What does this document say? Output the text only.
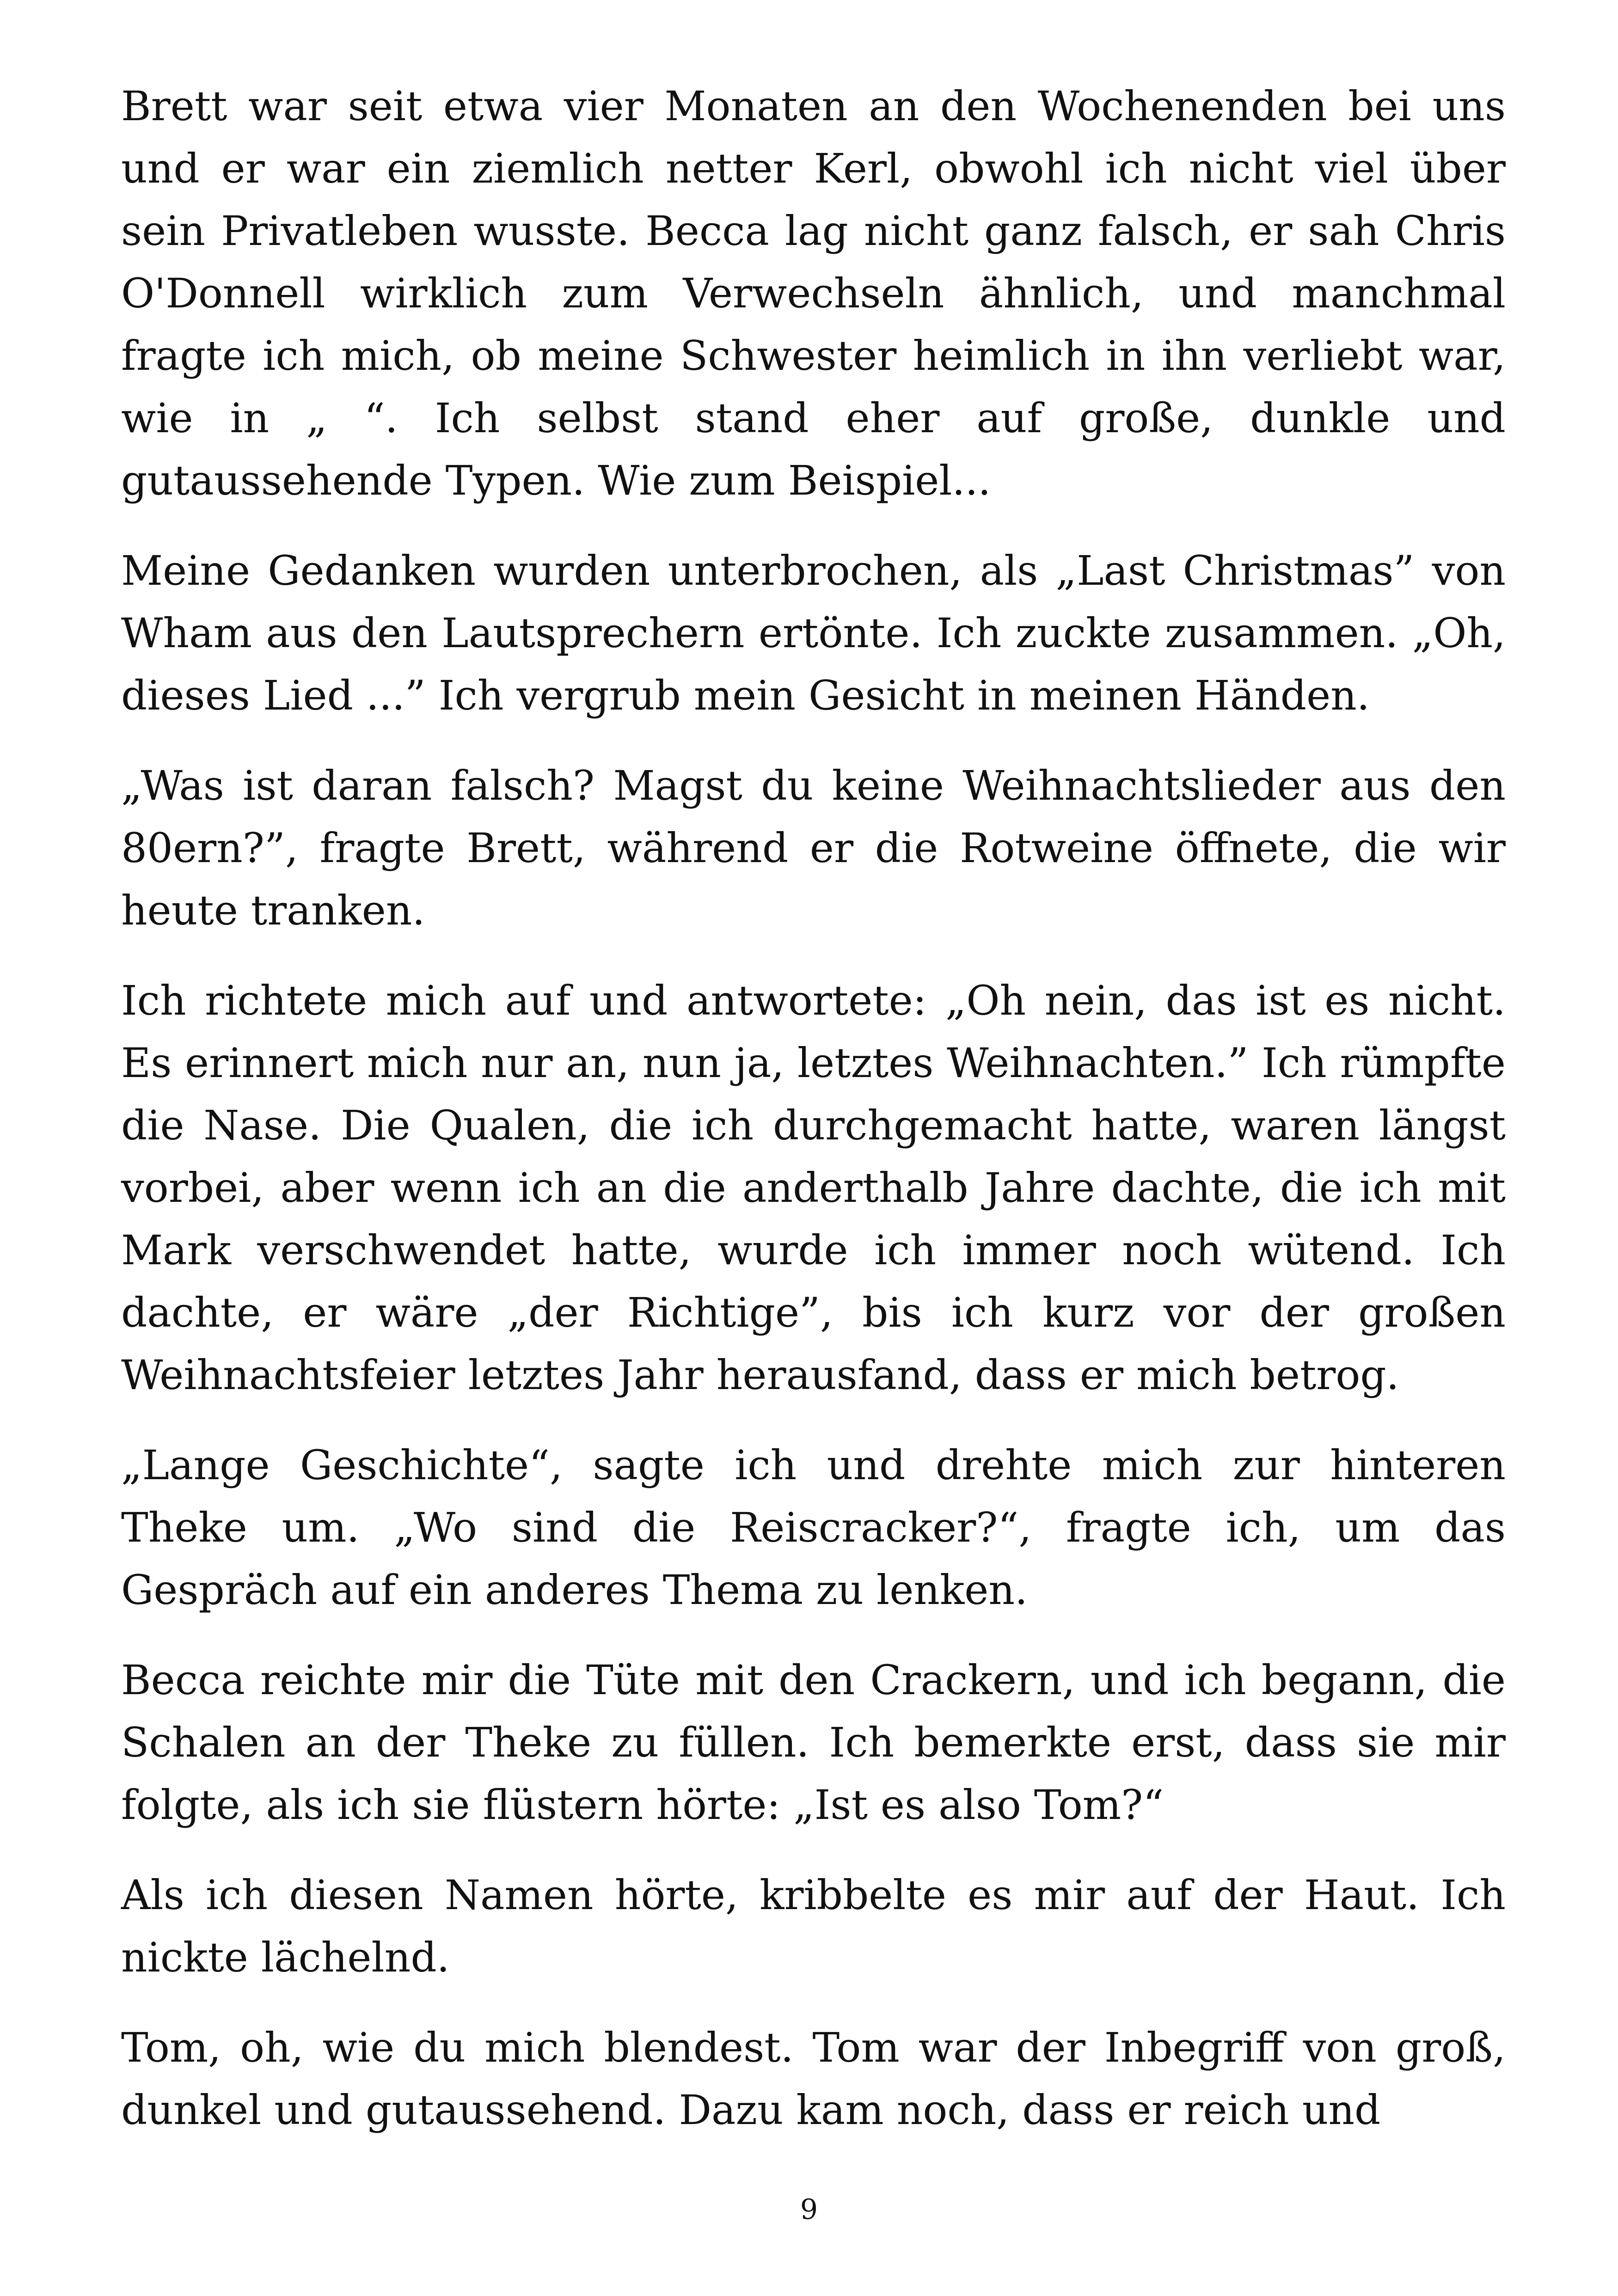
Brett war seit etwa vier Monaten an den Wochenenden bei uns und er war ein ziemlich netter Kerl, obwohl ich nicht viel über sein Privatleben wusste. Becca lag nicht ganz falsch, er sah Chris O'Donnell wirklich zum Verwechseln ähnlich, und manchmal fragte ich mich, ob meine Schwester heimlich in ihn verliebt war, wie in „ “. Ich selbst stand eher auf große, dunkle und gutaussehende Typen. Wie zum Beispiel...

Meine Gedanken wurden unterbrochen, als „Last Christmas” von Wham aus den Lautsprechern ertönte. Ich zuckte zusammen. „Oh, dieses Lied ...” Ich vergrub mein Gesicht in meinen Händen.

„Was ist daran falsch? Magst du keine Weihnachtslieder aus den 80ern?”, fragte Brett, während er die Rotweine öffnete, die wir heute tranken.

Ich richtete mich auf und antwortete: „Oh nein, das ist es nicht. Es erinnert mich nur an, nun ja, letztes Weihnachten.” Ich rümpfte die Nase. Die Qualen, die ich durchgemacht hatte, waren längst vorbei, aber wenn ich an die anderthalb Jahre dachte, die ich mit Mark verschwendet hatte, wurde ich immer noch wütend. Ich dachte, er wäre „der Richtige”, bis ich kurz vor der großen Weihnachtsfeier letztes Jahr herausfand, dass er mich betrog.

„Lange Geschichte“, sagte ich und drehte mich zur hinteren Theke um. „Wo sind die Reiscracker?“, fragte ich, um das Gespräch auf ein anderes Thema zu lenken.

Becca reichte mir die Tüte mit den Crackern, und ich begann, die Schalen an der Theke zu füllen. Ich bemerkte erst, dass sie mir folgte, als ich sie flüstern hörte: „Ist es also Tom?“

Als ich diesen Namen hörte, kribbelte es mir auf der Haut. Ich nickte lächelnd.

Tom, oh, wie du mich blendest. Tom war der Inbegriff von groß, dunkel und gutaussehend. Dazu kam noch, dass er reich und

9
